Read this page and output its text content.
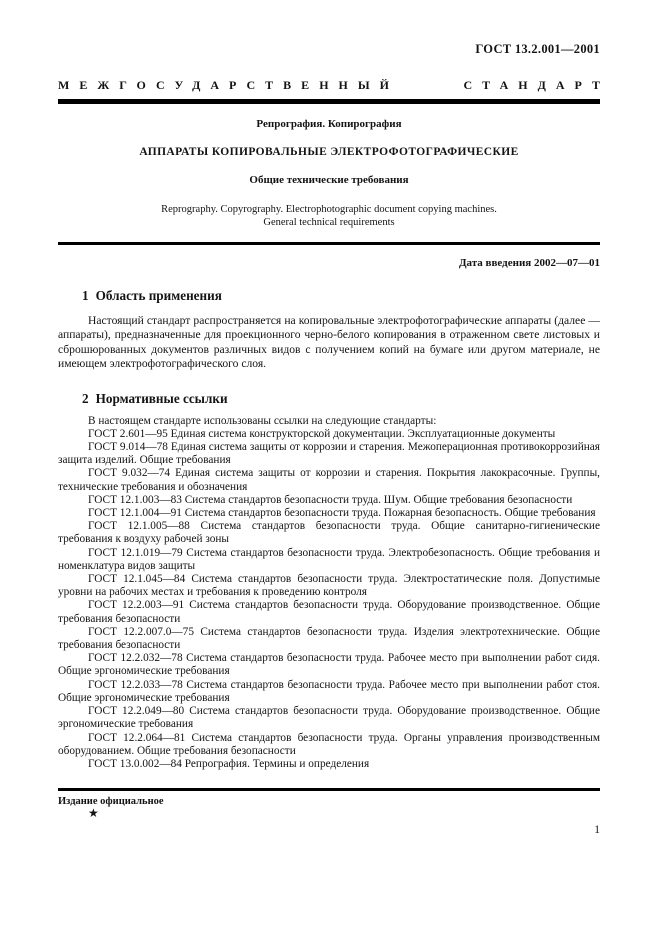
ГОСТ 13.2.001—2001
МЕЖГОСУДАРСТВЕННЫЙ	СТАНДАРТ
Репрография. Копирография
АППАРАТЫ КОПИРОВАЛЬНЫЕ ЭЛЕКТРОФОТОГРАФИЧЕСКИЕ
Общие технические требования
Reprography. Copyrography. Electrophotographic document copying machines.
General technical requirements
Дата введения 2002—07—01
1 Область применения

Настоящий стандарт распространяется на копировальные электрофотографические аппараты (далее — аппараты), предназначенные для проекционного черно-белого копирования в отраженном свете листовых и сброшюрованных документов различных видов с получением копий на бумаге или другом материале, не имеющем электрофотографического слоя.

2 Нормативные ссылки

В настоящем стандарте использованы ссылки на следующие стандарты:

ГОСТ 2.601—95 Единая система конструкторской документации. Эксплуатационные документы

ГОСТ 9.014—78 Единая система защиты от коррозии и старения. Межоперационная противокоррозийная защита изделий. Общие требования

ГОСТ 9.032—74 Единая система защиты от коррозии и старения. Покрытия лакокрасочные. Группы, технические требования и обозначения

ГОСТ 12.1.003—83 Система стандартов безопасности труда. Шум. Общие требования безопасности

ГОСТ 12.1.004—91 Система стандартов безопасности труда. Пожарная безопасность. Общие требования

ГОСТ 12.1.005—88 Система стандартов безопасности труда. Общие санитарно-гигиенические требования к воздуху рабочей зоны

ГОСТ 12.1.019—79 Система стандартов безопасности труда. Электробезопасность. Общие требования и номенклатура видов защиты

ГОСТ 12.1.045—84 Система стандартов безопасности труда. Электростатические поля. Допустимые уровни на рабочих местах и требования к проведению контроля

ГОСТ 12.2.003—91 Система стандартов безопасности труда. Оборудование производственное. Общие требования безопасности

ГОСТ 12.2.007.0—75 Система стандартов безопасности труда. Изделия электротехнические. Общие требования безопасности

ГОСТ 12.2.032—78 Система стандартов безопасности труда. Рабочее место при выполнении работ сидя. Общие эргономические требования

ГОСТ 12.2.033—78 Система стандартов безопасности труда. Рабочее место при выполнении работ стоя. Общие эргономические требования

ГОСТ 12.2.049—80 Система стандартов безопасности труда. Оборудование производственное. Общие эргономические требования

ГОСТ 12.2.064—81 Система стандартов безопасности труда. Органы управления производственным оборудованием. Общие требования безопасности

ГОСТ 13.0.002—84 Репрография. Термины и определения

Издание официальное
★
1
